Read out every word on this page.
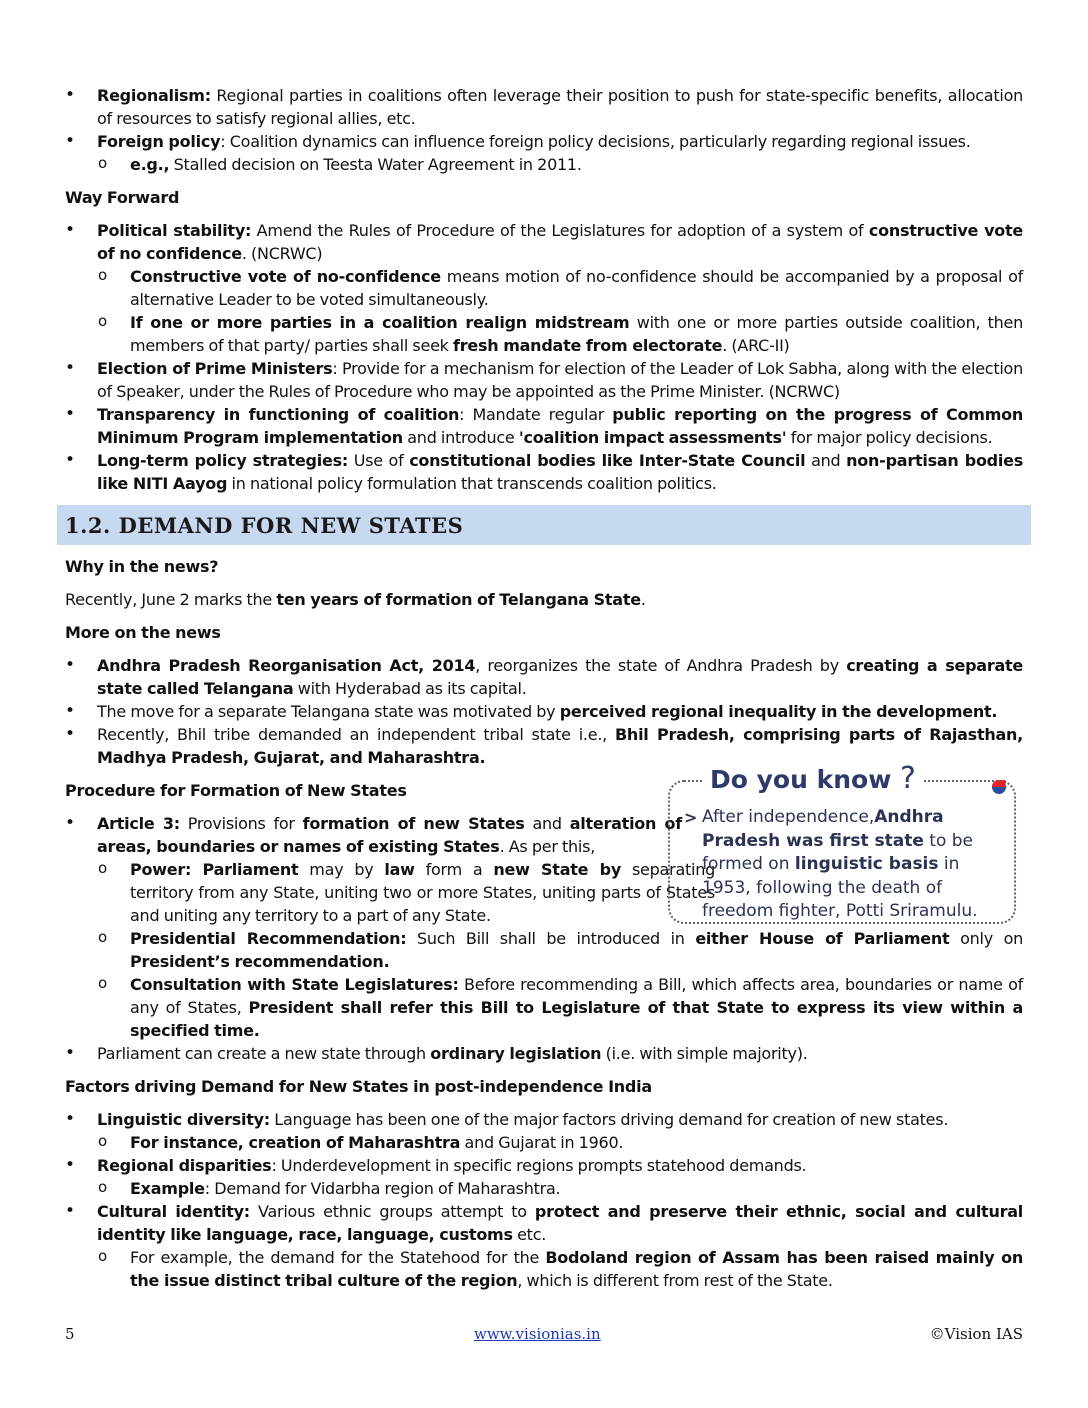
• Regionalism: Regional parties in coalitions often leverage their position to push for state-specific benefits, allocation of resources to satisfy regional allies, etc.
• Foreign policy: Coalition dynamics can influence foreign policy decisions, particularly regarding regional issues.
o e.g., Stalled decision on Teesta Water Agreement in 2011.
Way Forward
• Political stability: Amend the Rules of Procedure of the Legislatures for adoption of a system of constructive vote of no confidence. (NCRWC)
o Constructive vote of no-confidence means motion of no-confidence should be accompanied by a proposal of alternative Leader to be voted simultaneously.
o If one or more parties in a coalition realign midstream with one or more parties outside coalition, then members of that party/ parties shall seek fresh mandate from electorate. (ARC-II)
• Election of Prime Ministers: Provide for a mechanism for election of the Leader of Lok Sabha, along with the election of Speaker, under the Rules of Procedure who may be appointed as the Prime Minister. (NCRWC)
• Transparency in functioning of coalition: Mandate regular public reporting on the progress of Common Minimum Program implementation and introduce 'coalition impact assessments' for major policy decisions.
• Long-term policy strategies: Use of constitutional bodies like Inter-State Council and non-partisan bodies like NITI Aayog in national policy formulation that transcends coalition politics.
1.2. DEMAND FOR NEW STATES
Why in the news?
Recently, June 2 marks the ten years of formation of Telangana State.
More on the news
• Andhra Pradesh Reorganisation Act, 2014, reorganizes the state of Andhra Pradesh by creating a separate state called Telangana with Hyderabad as its capital.
• The move for a separate Telangana state was motivated by perceived regional inequality in the development.
• Recently, Bhil tribe demanded an independent tribal state i.e., Bhil Pradesh, comprising parts of Rajasthan, Madhya Pradesh, Gujarat, and Maharashtra.
Procedure for Formation of New States
• Article 3: Provisions for formation of new States and alteration of areas, boundaries or names of existing States. As per this,
o Power: Parliament may by law form a new State by separating territory from any State, uniting two or more States, uniting parts of States and uniting any territory to a part of any State.
o Presidential Recommendation: Such Bill shall be introduced in either House of Parliament only on President’s recommendation.
o Consultation with State Legislatures: Before recommending a Bill, which affects area, boundaries or name of any of States, President shall refer this Bill to Legislature of that State to express its view within a specified time.
• Parliament can create a new state through ordinary legislation (i.e. with simple majority).
Factors driving Demand for New States in post-independence India
• Linguistic diversity: Language has been one of the major factors driving demand for creation of new states.
o For instance, creation of Maharashtra and Gujarat in 1960.
• Regional disparities: Underdevelopment in specific regions prompts statehood demands.
o Example: Demand for Vidarbha region of Maharashtra.
• Cultural identity: Various ethnic groups attempt to protect and preserve their ethnic, social and cultural identity like language, race, language, customs etc.
o For example, the demand for the Statehood for the Bodoland region of Assam has been raised mainly on the issue distinct tribal culture of the region, which is different from rest of the State.
Do you know ?
> After independence,Andhra Pradesh was first state to be formed on linguistic basis in 1953, following the death of freedom fighter, Potti Sriramulu.
5	www.visionias.in	©Vision IAS
